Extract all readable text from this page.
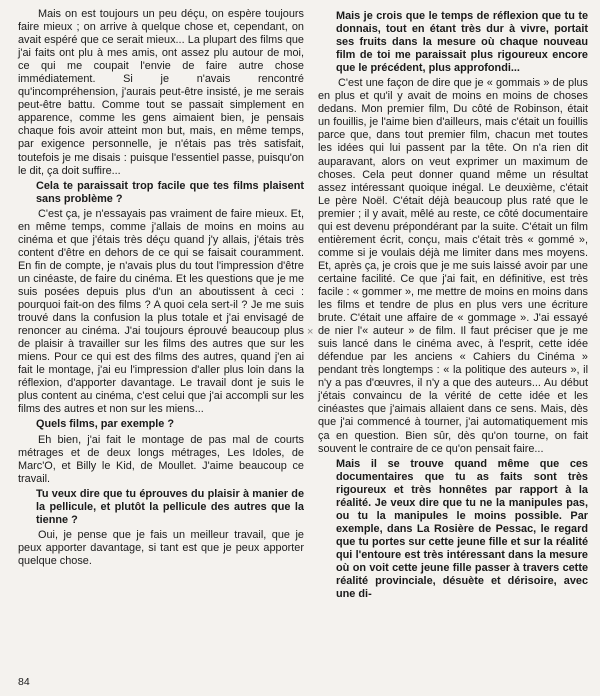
Mais on est toujours un peu déçu, on espère toujours faire mieux ; on arrive à quelque chose et, cependant, on avait espéré que ce serait mieux... La plupart des films que j'ai faits ont plu à mes amis, ont assez plu autour de moi, ce qui me coupait l'envie de faire autre chose immédiatement. Si je n'avais rencontré qu'incompréhension, j'aurais peut-être insisté, je me serais peut-être battu. Comme tout se passait simplement en apparence, comme les gens aimaient bien, je pensais chaque fois avoir atteint mon but, mais, en même temps, par exigence personnelle, je n'étais pas très satisfait, toutefois je me disais : puisque l'essentiel passe, puisqu'on le dit, ça doit suffire...

Cela te paraissait trop facile que tes films plaisent sans problème ?

C'est ça, je n'essayais pas vraiment de faire mieux. Et, en même temps, comme j'allais de moins en moins au cinéma et que j'étais très déçu quand j'y allais, j'étais très content d'être en dehors de ce qui se faisait couramment. En fin de compte, je n'avais plus du tout l'impression d'être un cinéaste, de faire du cinéma. Et les questions que je me suis posées depuis plus d'un an aboutissent à ceci : pourquoi fait-on des films ? A quoi cela sert-il ? Je me suis trouvé dans la confusion la plus totale et j'ai envisagé de renoncer au cinéma. J'ai toujours éprouvé beaucoup plus de plaisir à travailler sur les films des autres que sur les miens. Pour ce qui est des films des autres, quand j'en ai fait le montage, j'ai eu l'impression d'aller plus loin dans la réflexion, d'apporter davantage. Le travail dont je suis le plus content au cinéma, c'est celui que j'ai accompli sur les films des autres et non sur les miens...

Quels films, par exemple ?

Eh bien, j'ai fait le montage de pas mal de courts métrages et de deux longs métrages, Les Idoles, de Marc'O, et Billy le Kid, de Moullet. J'aime beaucoup ce travail.

Tu veux dire que tu éprouves du plaisir à manier de la pellicule, et plutôt la pellicule des autres que la tienne ?

Oui, je pense que je fais un meilleur travail, que je peux apporter davantage, si tant est que je peux apporter quelque chose.

×

Mais je crois que le temps de réflexion que tu te donnais, tout en étant très dur à vivre, portait ses fruits dans la mesure où chaque nouveau film de toi me paraissait plus rigoureux encore que le précédent, plus approfondi...

C'est une façon de dire que je « gommais » de plus en plus et qu'il y avait de moins en moins de choses dedans. Mon premier film, Du côté de Robinson, était un fouillis, je l'aime bien d'ailleurs, mais c'était un fouillis parce que, dans tout premier film, chacun met toutes les idées qui lui passent par la tête. On n'a rien dit auparavant, alors on veut exprimer un maximum de choses. Cela peut donner quand même un résultat assez intéressant quoique inégal. Le deuxième, c'était Le père Noël. C'était déjà beaucoup plus raté que le premier ; il y avait, mêlé au reste, ce côté documentaire qui est devenu prépondérant par la suite. C'était un film entièrement écrit, conçu, mais c'était très « gommé », comme si je voulais déjà me limiter dans mes moyens. Et, après ça, je crois que je me suis laissé avoir par une certaine facilité. Ce que j'ai fait, en définitive, est très facile : « gommer », me mettre de moins en moins dans les films et tendre de plus en plus vers une écriture brute. C'était une affaire de « gommage ». J'ai essayé de nier l'« auteur » de film. Il faut préciser que je me suis lancé dans le cinéma avec, à l'esprit, cette idée défendue par les anciens « Cahiers du Cinéma » pendant très longtemps : « la politique des auteurs », il n'y a pas d'œuvres, il n'y a que des auteurs... Au début j'étais convaincu de la vérité de cette idée et les cinéastes que j'aimais allaient dans ce sens. Mais, dès que j'ai commencé à tourner, j'ai automatiquement mis ça en question. Bien sûr, dès qu'on tourne, on fait souvent le contraire de ce qu'on pensait faire...

Mais il se trouve quand même que ces documentaires que tu as faits sont très rigoureux et très honnêtes par rapport à la réalité. Je veux dire que tu ne la manipules pas, ou tu la manipules le moins possible. Par exemple, dans La Rosière de Pessac, le regard que tu portes sur cette jeune fille et sur la réalité qui l'entoure est très intéressant dans la mesure où on voit cette jeune fille passer à travers cette réalité provinciale, désuète et dérisoire, avec une di-

84
